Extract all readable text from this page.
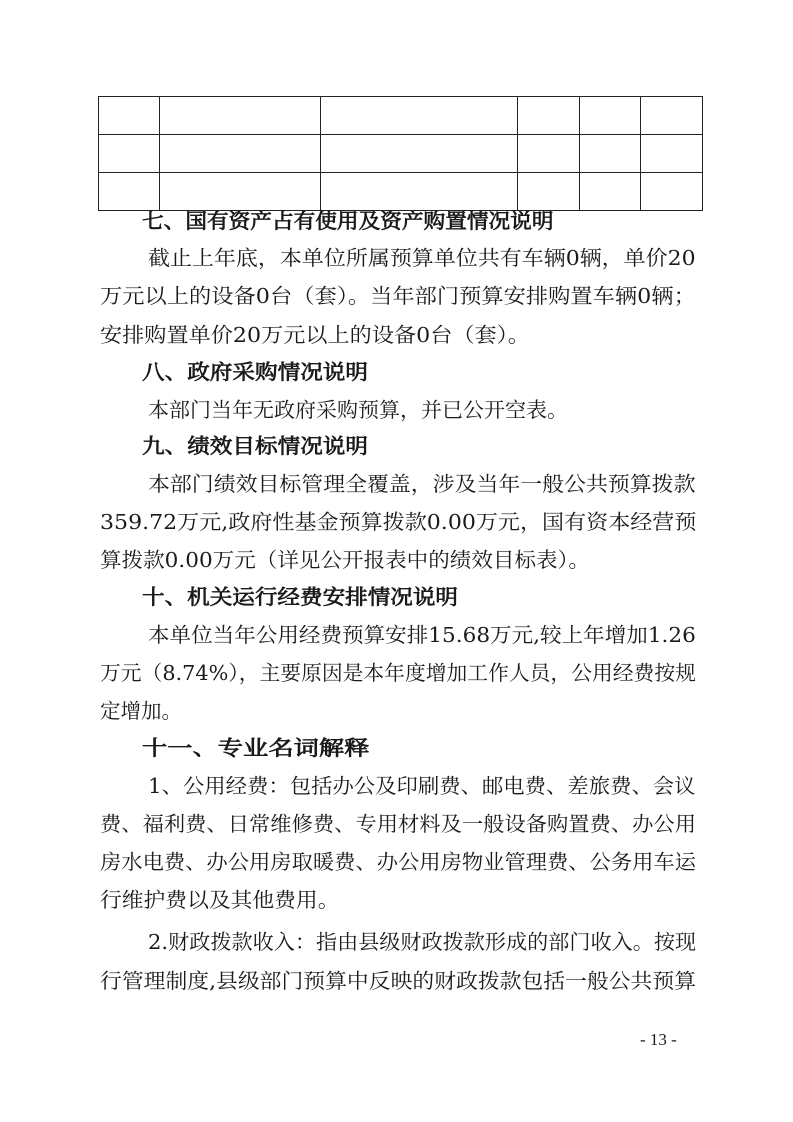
七、国有资产占有使用及资产购置情况说明
截止上年底，本单位所属预算单位共有车辆0辆，单价20
万元以上的设备0台（套）。当年部门预算安排购置车辆0辆；
安排购置单价20万元以上的设备0台（套）。
八、政府采购情况说明
本部门当年无政府采购预算，并已公开空表。
九、绩效目标情况说明
本部门绩效目标管理全覆盖，涉及当年一般公共预算拨款
359.72万元,政府性基金预算拨款0.00万元，国有资本经营预
算拨款0.00万元（详见公开报表中的绩效目标表）。
十、机关运行经费安排情况说明
本单位当年公用经费预算安排15.68万元,较上年增加1.26
万元（8.74%），主要原因是本年度增加工作人员，公用经费按规
定增加。
十一、专业名词解释
1、公用经费：包括办公及印刷费、邮电费、差旅费、会议
费、福利费、日常维修费、专用材料及一般设备购置费、办公用
房水电费、办公用房取暖费、办公用房物业管理费、公务用车运
行维护费以及其他费用。
2.财政拨款收入：指由县级财政拨款形成的部门收入。按现
行管理制度,县级部门预算中反映的财政拨款包括一般公共预算
- 13 -
